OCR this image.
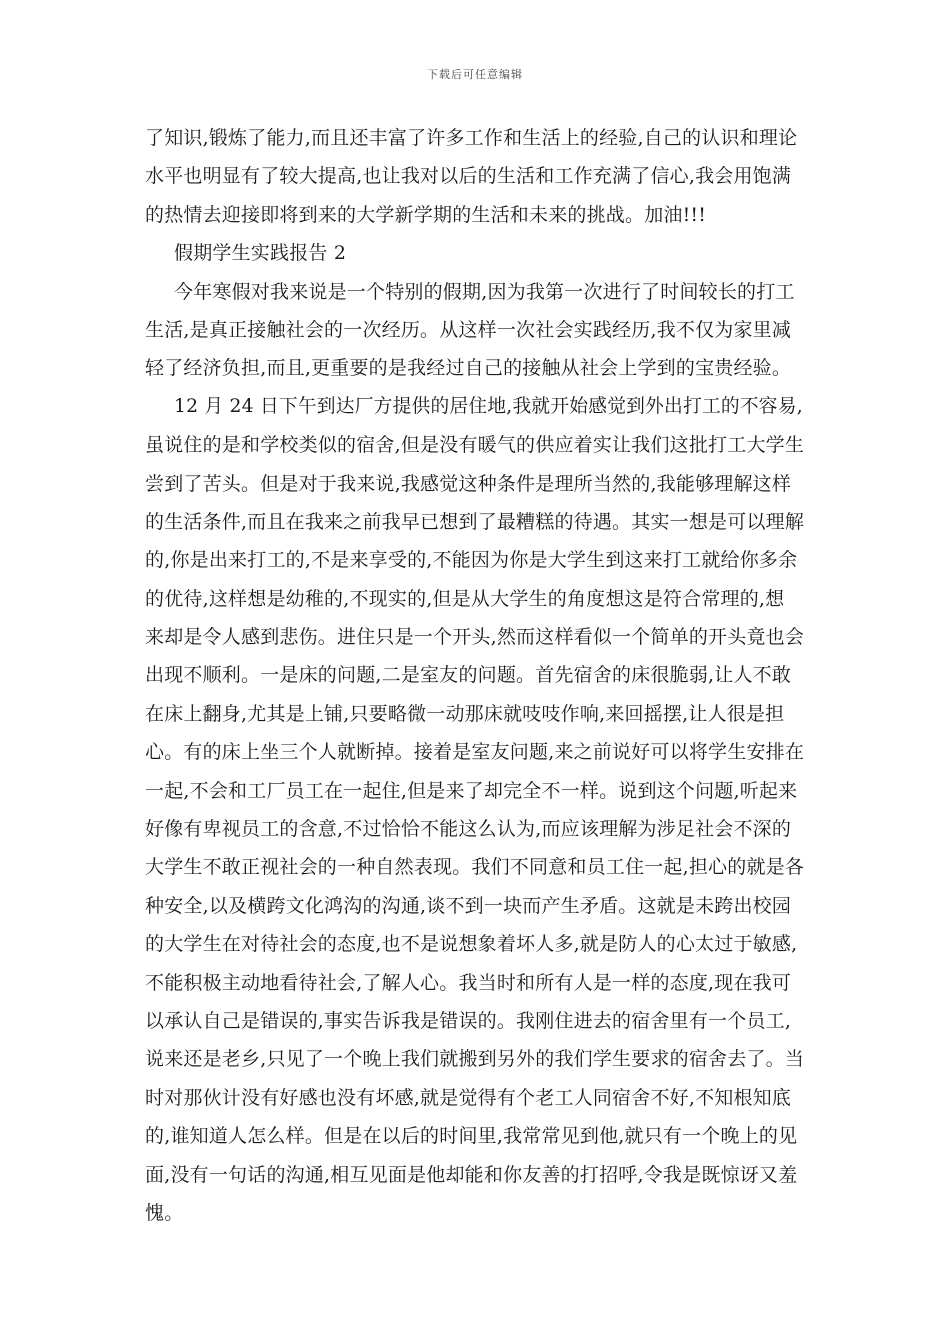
下载后可任意编辑
了知识,锻炼了能力,而且还丰富了许多工作和生活上的经验,自己的认识和理论
水平也明显有了较大提高,也让我对以后的生活和工作充满了信心,我会用饱满
的热情去迎接即将到来的大学新学期的生活和未来的挑战。加油!!!
假期学生实践报告 2
今年寒假对我来说是一个特别的假期,因为我第一次进行了时间较长的打工
生活,是真正接触社会的一次经历。从这样一次社会实践经历,我不仅为家里减
轻了经济负担,而且,更重要的是我经过自己的接触从社会上学到的宝贵经验。
12 月 24 日下午到达厂方提供的居住地,我就开始感觉到外出打工的不容易,
虽说住的是和学校类似的宿舍,但是没有暖气的供应着实让我们这批打工大学生
尝到了苦头。但是对于我来说,我感觉这种条件是理所当然的,我能够理解这样
的生活条件,而且在我来之前我早已想到了最糟糕的待遇。其实一想是可以理解
的,你是出来打工的,不是来享受的,不能因为你是大学生到这来打工就给你多余
的优待,这样想是幼稚的,不现实的,但是从大学生的角度想这是符合常理的,想
来却是令人感到悲伤。进住只是一个开头,然而这样看似一个简单的开头竟也会
出现不顺利。一是床的问题,二是室友的问题。首先宿舍的床很脆弱,让人不敢
在床上翻身,尤其是上铺,只要略微一动那床就吱吱作响,来回摇摆,让人很是担
心。有的床上坐三个人就断掉。接着是室友问题,来之前说好可以将学生安排在
一起,不会和工厂员工在一起住,但是来了却完全不一样。说到这个问题,听起来
好像有卑视员工的含意,不过恰恰不能这么认为,而应该理解为涉足社会不深的
大学生不敢正视社会的一种自然表现。我们不同意和员工住一起,担心的就是各
种安全,以及横跨文化鸿沟的沟通,谈不到一块而产生矛盾。这就是未跨出校园
的大学生在对待社会的态度,也不是说想象着坏人多,就是防人的心太过于敏感,
不能积极主动地看待社会,了解人心。我当时和所有人是一样的态度,现在我可
以承认自己是错误的,事实告诉我是错误的。我刚住进去的宿舍里有一个员工,
说来还是老乡,只见了一个晚上我们就搬到另外的我们学生要求的宿舍去了。当
时对那伙计没有好感也没有坏感,就是觉得有个老工人同宿舍不好,不知根知底
的,谁知道人怎么样。但是在以后的时间里,我常常见到他,就只有一个晚上的见
面,没有一句话的沟通,相互见面是他却能和你友善的打招呼,令我是既惊讶又羞
愧。
